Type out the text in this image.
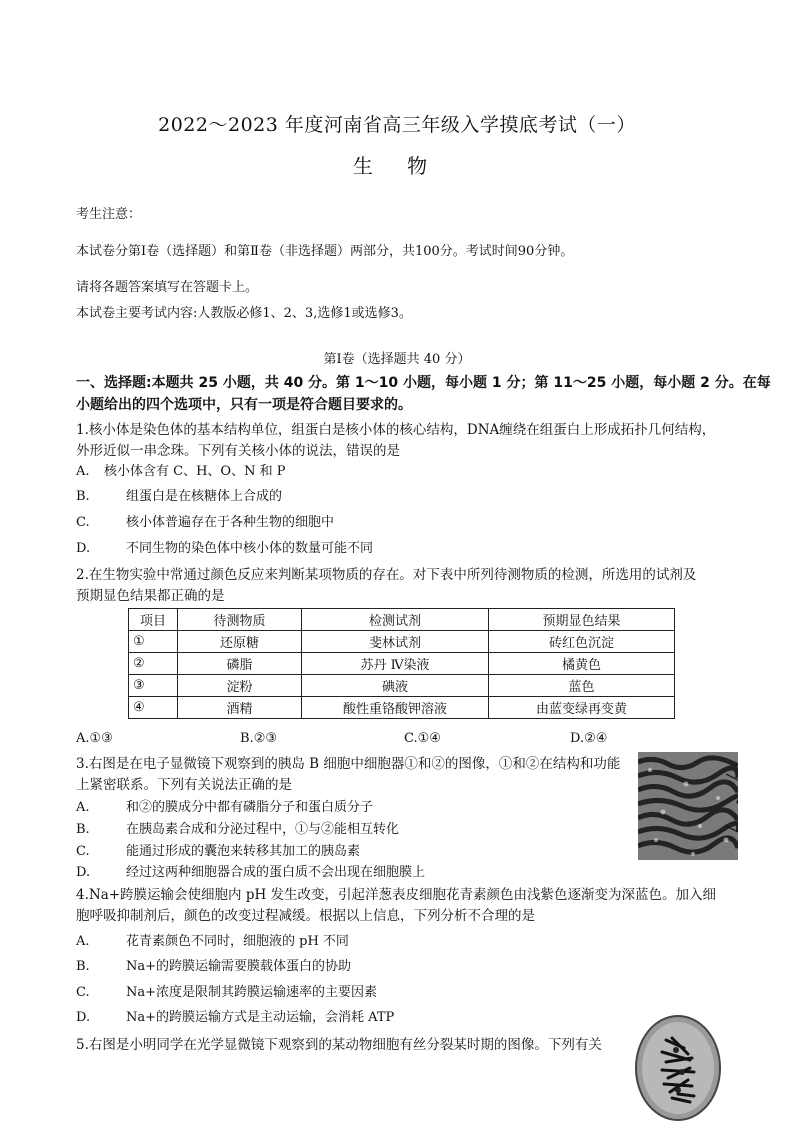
2022～2023 年度河南省高三年级入学摸底考试（一）
生 物
考生注意：
本试卷分第Ⅰ卷（选择题）和第Ⅱ卷（非选择题）两部分，共100分。考试时间90分钟。
请将各题答案填写在答题卡上。
本试卷主要考试内容:人教版必修1、2、3,选修1或选修3。
第Ⅰ卷（选择题共 40 分）
一、选择题:本题共 25 小题，共 40 分。第 1～10 小题，每小题 1 分；第 11～25 小题，每小题 2 分。在每
小题给出的四个选项中，只有一项是符合题目要求的。
1.核小体是染色体的基本结构单位，组蛋白是核小体的核心结构，DNA缠绕在组蛋白上形成拓扑几何结构，
外形近似一串念珠。下列有关核小体的说法，错误的是
A. 核小体含有 C、H、O、N 和 P
B.	组蛋白是在核糖体上合成的
C.	核小体普遍存在于各种生物的细胞中
D.	不同生物的染色体中核小体的数量可能不同
2.在生物实验中常通过颜色反应来判断某项物质的存在。对下表中所列待测物质的检测，所选用的试剂及
预期显色结果都正确的是
项目	待测物质	检测试剂	预期显色结果
①	还原糖	斐林试剂	砖红色沉淀
②	磷脂	苏丹 Ⅳ染液	橘黄色
③	淀粉	碘液	蓝色
④	酒精	酸性重铬酸钾溶液	由蓝变绿再变黄
A.①③	B.②③	C.①④	D.②④
3.右图是在电子显微镜下观察到的胰岛 B 细胞中细胞器①和②的图像，①和②在结构和功能
上紧密联系。下列有关说法正确的是
A.	和②的膜成分中都有磷脂分子和蛋白质分子
B.	在胰岛素合成和分泌过程中，①与②能相互转化
C.	能通过形成的囊泡来转移其加工的胰岛素
D.	经过这两种细胞器合成的蛋白质不会出现在细胞膜上
4.Na+跨膜运输会使细胞内 pH 发生改变，引起洋葱表皮细胞花青素颜色由浅紫色逐渐变为深蓝色。加入细
胞呼吸抑制剂后，颜色的改变过程减缓。根据以上信息，下列分析不合理的是
A.	花青素颜色不同时，细胞液的 pH 不同
B.	Na+的跨膜运输需要膜载体蛋白的协助
C.	Na+浓度是限制其跨膜运输速率的主要因素
D.	Na+的跨膜运输方式是主动运输，会消耗 ATP
5.右图是小明同学在光学显微镜下观察到的某动物细胞有丝分裂某时期的图像。下列有关
